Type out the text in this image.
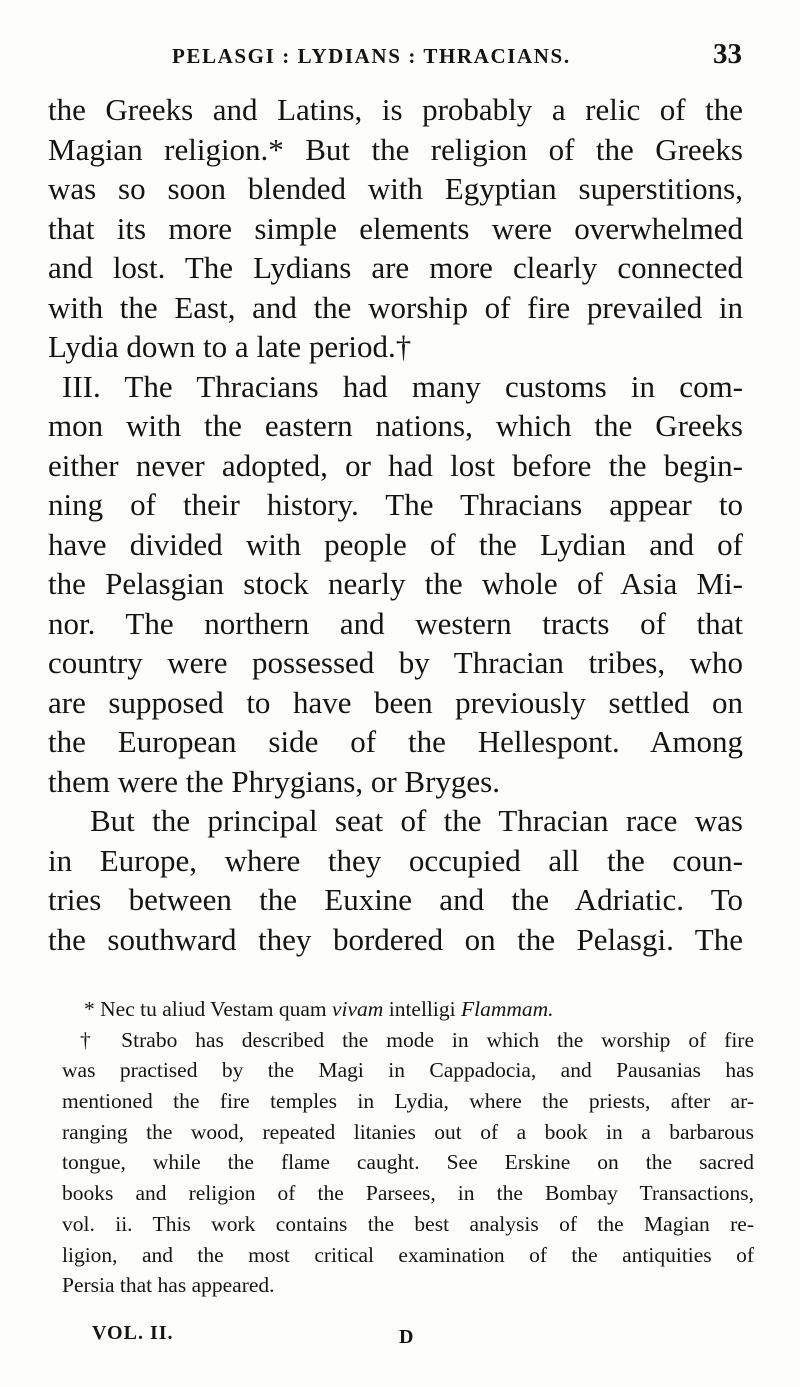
PELASGI : LYDIANS : THRACIANS.	33
the Greeks and Latins, is probably a relic of the
Magian religion.* But the religion of the Greeks
was so soon blended with Egyptian superstitions,
that its more simple elements were overwhelmed
and lost. The Lydians are more clearly connected
with the East, and the worship of fire prevailed in
Lydia down to a late period.†
III. The Thracians had many customs in com-
mon with the eastern nations, which the Greeks
either never adopted, or had lost before the begin-
ning of their history. The Thracians appear to
have divided with people of the Lydian and of
the Pelasgian stock nearly the whole of Asia Mi-
nor. The northern and western tracts of that
country were possessed by Thracian tribes, who
are supposed to have been previously settled on
the European side of the Hellespont. Among
them were the Phrygians, or Bryges.
But the principal seat of the Thracian race was
in Europe, where they occupied all the coun-
tries between the Euxine and the Adriatic. To
the southward they bordered on the Pelasgi. The
* Nec tu aliud Vestam quam vivam intelligi Flammam.
† Strabo has described the mode in which the worship of fire
was practised by the Magi in Cappadocia, and Pausanias has
mentioned the fire temples in Lydia, where the priests, after ar-
ranging the wood, repeated litanies out of a book in a barbarous
tongue, while the flame caught. See Erskine on the sacred
books and religion of the Parsees, in the Bombay Transactions,
vol. ii. This work contains the best analysis of the Magian re-
ligion, and the most critical examination of the antiquities of
Persia that has appeared.
VOL. II.	D
